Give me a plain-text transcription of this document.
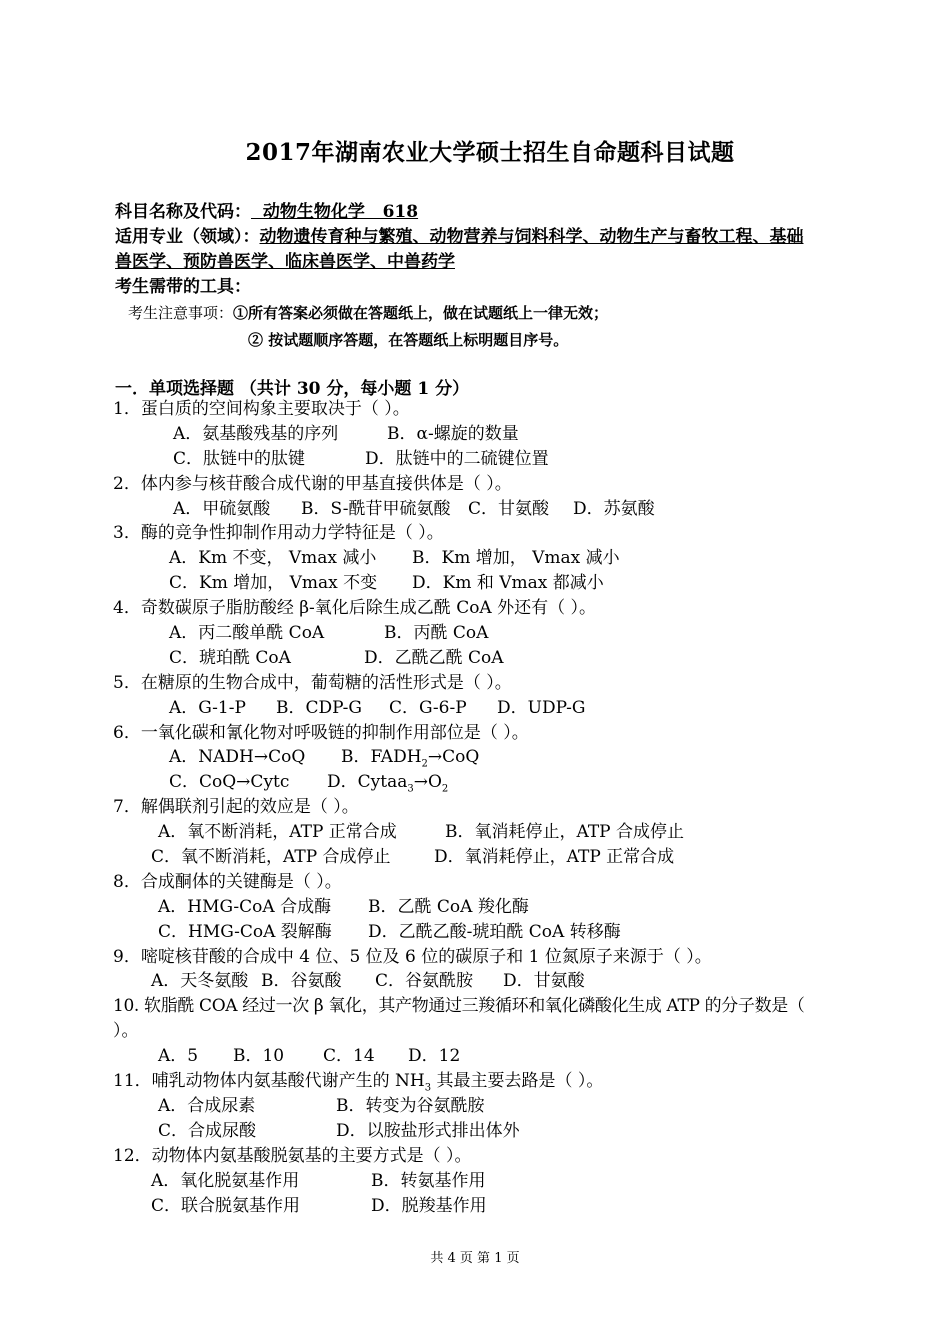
2017年湖南农业大学硕士招生自命题科目试题
科目名称及代码：  动物生物化学   618
适用专业（领域）：动物遗传育种与繁殖、动物营养与饲料科学、动物生产与畜牧工程、基础
兽医学、预防兽医学、临床兽医学、中兽药学
考生需带的工具：
考生注意事项：①所有答案必须做在答题纸上，做在试题纸上一律无效；
② 按试题顺序答题，在答题纸上标明题目序号。
一．单项选择题 （共计 30 分，每小题 1 分）
1．蛋白质的空间构象主要取决于（ ）。
A．氨基酸残基的序列	B．α-螺旋的数量
C．肽链中的肽键	D．肽链中的二硫键位置
2．体内参与核苷酸合成代谢的甲基直接供体是（ ）。
A．甲硫氨酸 B．S-酰苷甲硫氨酸 C．甘氨酸 D．苏氨酸
3．酶的竞争性抑制作用动力学特征是（ ）。
A．Km 不变， Vmax 减小 B．Km 增加， Vmax 减小
C．Km 增加， Vmax 不变 D．Km 和 Vmax 都减小
4．奇数碳原子脂肪酸经 β-氧化后除生成乙酰 CoA 外还有（ ）。
A．丙二酸单酰 CoA	B．丙酰 CoA
C．琥珀酰 CoA	D．乙酰乙酰 CoA
5．在糖原的生物合成中，葡萄糖的活性形式是（ ）。
A．G-1-P B．CDP-G C．G-6-P D．UDP-G
6．一氧化碳和氰化物对呼吸链的抑制作用部位是（ ）。
A．NADH→CoQ B．$FADH_2\to CoQ$
C．CoQ→Cytc D．$Cytaa_3\to O_2$
7．解偶联剂引起的效应是（ ）。
A．氧不断消耗，ATP 正常合成	B．氧消耗停止，ATP 合成停止
C．氧不断消耗，ATP 合成停止	D．氧消耗停止，ATP 正常合成
8．合成酮体的关键酶是（ ）。
A．HMG-CoA 合成酶 B．乙酰 CoA 羧化酶
C．HMG-CoA 裂解酶 D．乙酰乙酸-琥珀酰 CoA 转移酶
9．嘧啶核苷酸的合成中 4 位、5 位及 6 位的碳原子和 1 位氮原子来源于（ ）。
A．天冬氨酸 B．谷氨酸 C．谷氨酰胺 D．甘氨酸
10. 软脂酰 COA 经过一次 β 氧化，其产物通过三羧循环和氧化磷酸化生成 ATP 的分子数是（
）。
A．5 B．10 C．14 D．12
11．哺乳动物体内氨基酸代谢产生的 $NH_3$ 其最主要去路是（ ）。
A．合成尿素	B．转变为谷氨酰胺
C．合成尿酸	D．以胺盐形式排出体外
12．动物体内氨基酸脱氨基的主要方式是（ ）。
A．氧化脱氨基作用	B．转氨基作用
C．联合脱氨基作用	D．脱羧基作用
共 4 页 第 1 页
